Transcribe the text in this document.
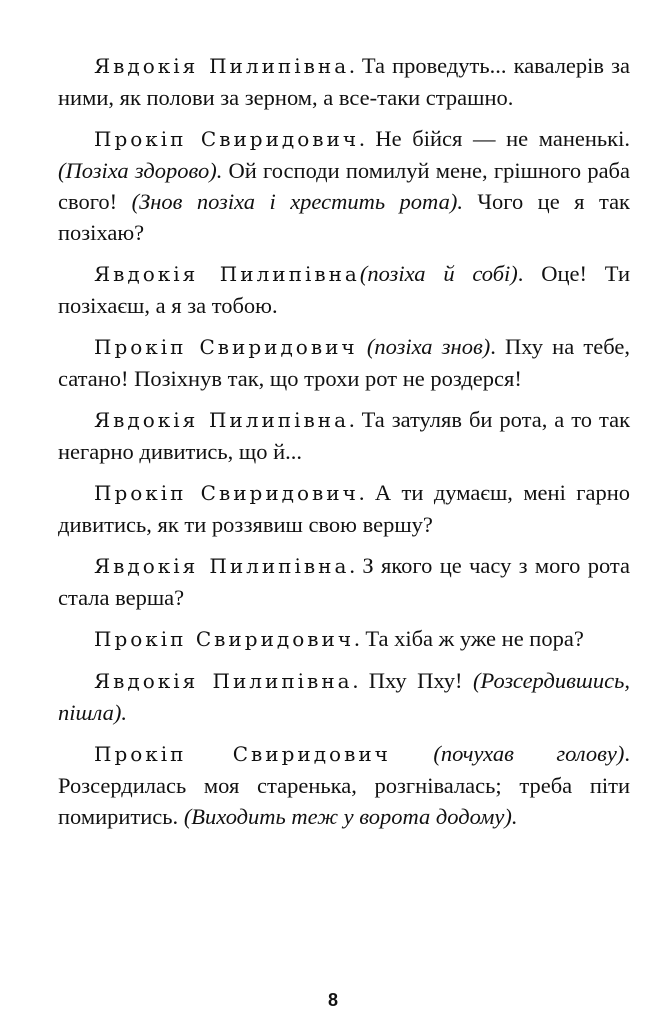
Явдокія Пилипівна. Та проведуть... кавалерів за ними, як полови за зерном, а все-таки страшно.

Прокіп Свиридович. Не бійся — не маненькі. (Позіха здорово). Ой господи помилуй мене, грішного раба свого! (Знов позіха і хрестить рота). Чого це я так позіхаю?

Явдокія Пилипівна(позіха й собі). Оце! Ти позіхаєш, а я за тобою.

Прокіп Свиридович (позіха знов). Пху на тебе, сатано! Позіхнув так, що трохи рот не роздерся!

Явдокія Пилипівна. Та затуляв би рота, а то так негарно дивитись, що й...

Прокіп Свиридович. А ти думаєш, мені гарно дивитись, як ти роззявиш свою вершу?

Явдокія Пилипівна. З якого це часу з мого рота стала верша?

Прокіп Свиридович. Та хіба ж уже не пора?

Явдокія Пилипівна. Пху Пху! (Розсердившись, пішла).

Прокіп Свиридович (почухав голову). Розсердилась моя старенька, розгнівалась; треба піти помиритись. (Виходить теж у ворота додому).

8
